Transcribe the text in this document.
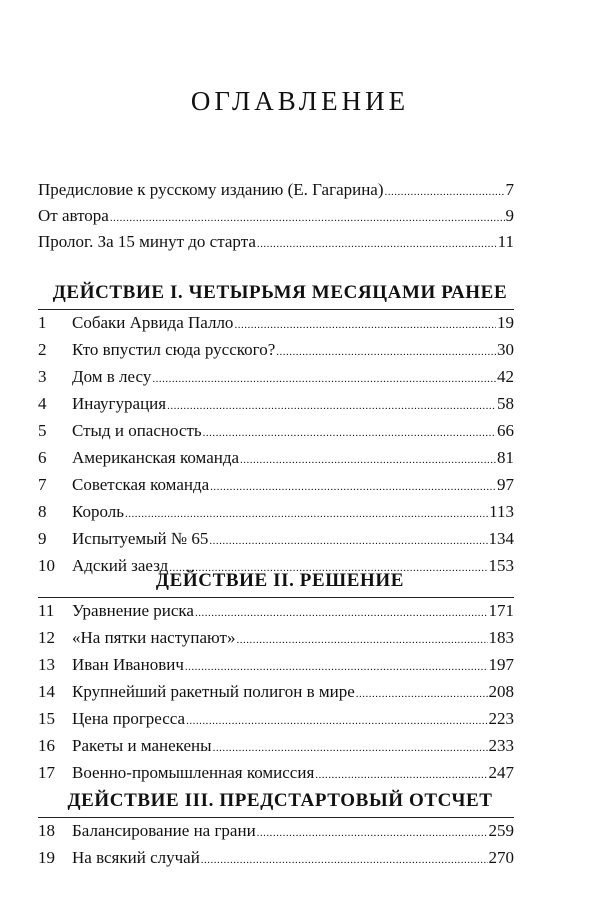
ОГЛАВЛЕНИЕ
Предисловие к русскому изданию (Е. Гагарина) .....	7
От автора .....	9
Пролог. За 15 минут до старта .....	11
ДЕЙСТВИЕ I. ЧЕТЫРЬМЯ МЕСЯЦАМИ РАНЕЕ
1	Собаки Арвида Палло .....	19
2	Кто впустил сюда русского? .....	30
3	Дом в лесу .....	42
4	Инаугурация .....	58
5	Стыд и опасность .....	66
6	Американская команда .....	81
7	Советская команда .....	97
8	Король .....	113
9	Испытуемый № 65 .....	134
10	Адский заезд .....	153
ДЕЙСТВИЕ II. РЕШЕНИЕ
11	Уравнение риска .....	171
12	«На пятки наступают» .....	183
13	Иван Иванович .....	197
14	Крупнейший ракетный полигон в мире .....	208
15	Цена прогресса .....	223
16	Ракеты и манекены .....	233
17	Военно-промышленная комиссия .....	247
ДЕЙСТВИЕ III. ПРЕДСТАРТОВЫЙ ОТСЧЕТ
18	Балансирование на грани .....	259
19	На всякий случай .....	270
